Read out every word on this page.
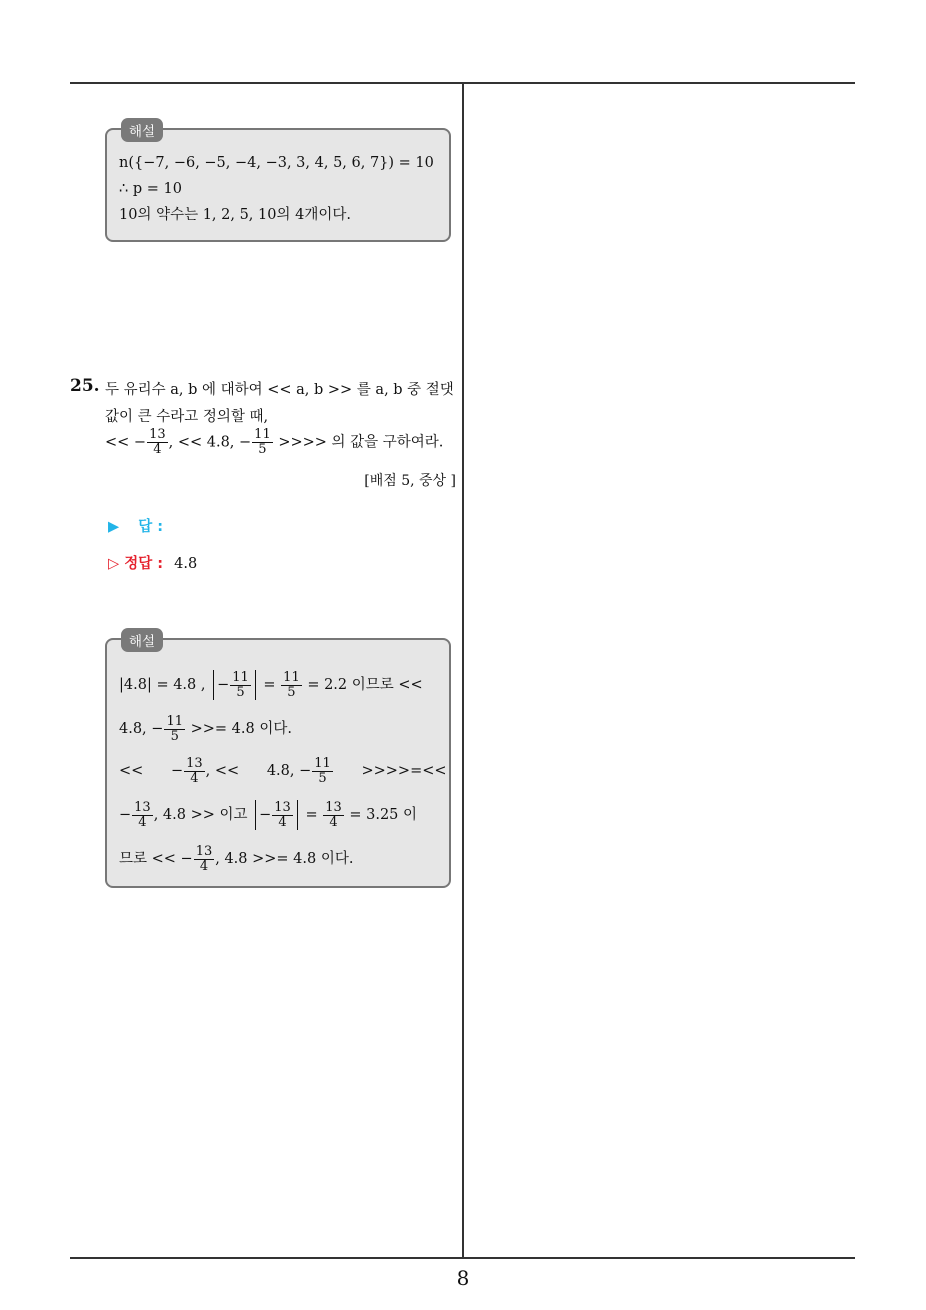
해설
n({−7, −6, −5, −4, −3, 3, 4, 5, 6, 7}) = 10
∴ p = 10
10의 약수는 1, 2, 5, 10의 4개이다.
25. 두 유리수 a, b 에 대하여 << a, b >> 를 a, b 중 절댓
값이 큰 수라고 정의할 때,
<< − $\frac{13}{4}$ , << 4.8, − $\frac{11}{5}$ >>>> 의 값을 구하여라.
[배점 5, 중상 ]
▶ 답 :
▷ 정답 : 4.8
해설
|4.8| = 4.8 , − $\frac{11}{5} = \frac{11}{5} = 2.2$ 이므로 <<
4.8, − $\frac{11}{5}$ >>= 4.8 이다.
<<      − $\frac{13}{4}$ , <<      4.8, − $\frac{11}{5}$ >>>>=<<
− $\frac{13}{4}$ , 4.8 >> 이고 − $\frac{13}{4} = \frac{13}{4} = 3.25$ 이
므로 << − $\frac{13}{4}$ , 4.8 >>= 4.8 이다.
8
